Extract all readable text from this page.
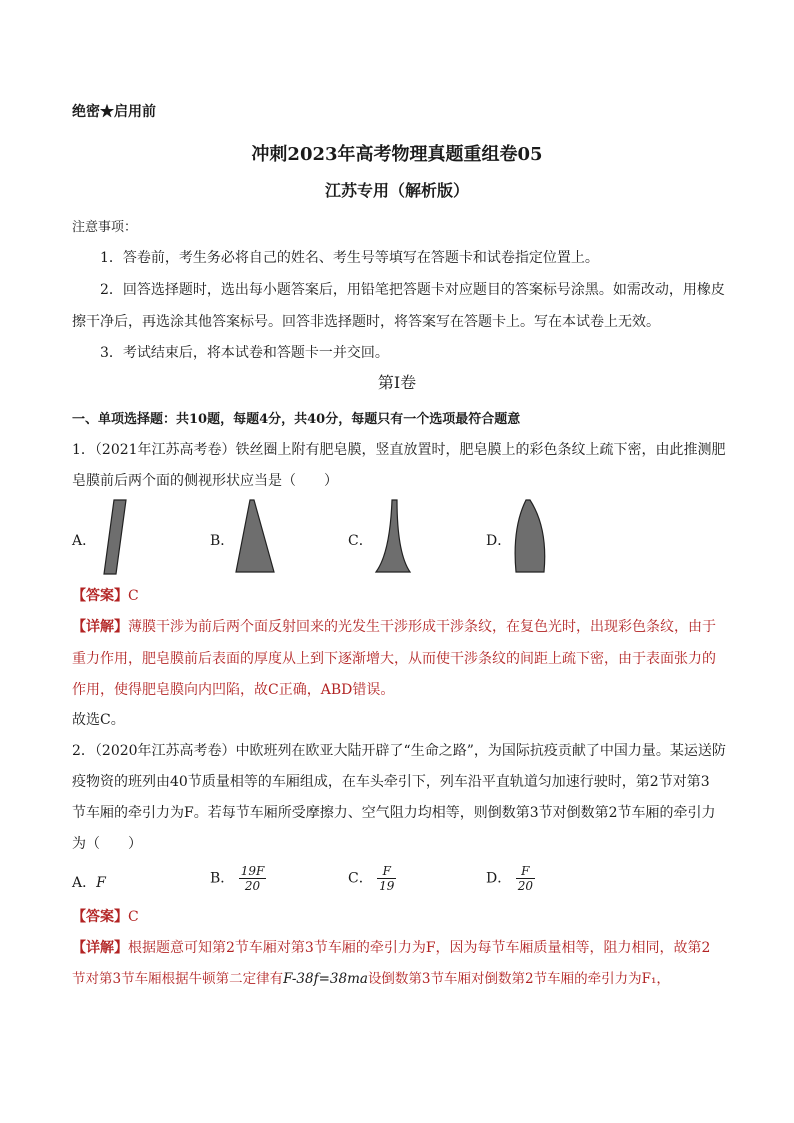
绝密★启用前
冲刺2023年高考物理真题重组卷05
江苏专用（解析版）
注意事项：
1．答卷前，考生务必将自己的姓名、考生号等填写在答题卡和试卷指定位置上。
2．回答选择题时，选出每小题答案后，用铅笔把答题卡对应题目的答案标号涂黑。如需改动，用橡皮
擦干净后，再选涂其他答案标号。回答非选择题时，将答案写在答题卡上。写在本试卷上无效。
3．考试结束后，将本试卷和答题卡一并交回。
第Ⅰ卷
一、单项选择题：共10题，每题4分，共40分，每题只有一个选项最符合题意
1．（2021年江苏高考卷）铁丝圈上附有肥皂膜，竖直放置时，肥皂膜上的彩色条纹上疏下密，由此推测肥
皂膜前后两个面的侧视形状应当是（　　）
A．	B．	C．	D．
【答案】C
【详解】薄膜干涉为前后两个面反射回来的光发生干涉形成干涉条纹，在复色光时，出现彩色条纹，由于
重力作用，肥皂膜前后表面的厚度从上到下逐渐增大，从而使干涉条纹的间距上疏下密，由于表面张力的
作用，使得肥皂膜向内凹陷，故C正确，ABD错误。
故选C。
2．（2020年江苏高考卷）中欧班列在欧亚大陆开辟了“生命之路”，为国际抗疫贡献了中国力量。某运送防
疫物资的班列由40节质量相等的车厢组成，在车头牵引下，列车沿平直轨道匀加速行驶时，第2节对第3
节车厢的牵引力为F。若每节车厢所受摩擦力、空气阻力均相等，则倒数第3节对倒数第2节车厢的牵引力
为（　　）
A．F	B． $\frac{19F}{20}$	C． $\frac{F}{19}$	D． $\frac{F}{20}$
【答案】C
【详解】根据题意可知第2节车厢对第3节车厢的牵引力为F，因为每节车厢质量相等，阻力相同，故第2
节对第3节车厢根据牛顿第二定律有F-38f=38ma设倒数第3节车厢对倒数第2节车厢的牵引力为F₁，
